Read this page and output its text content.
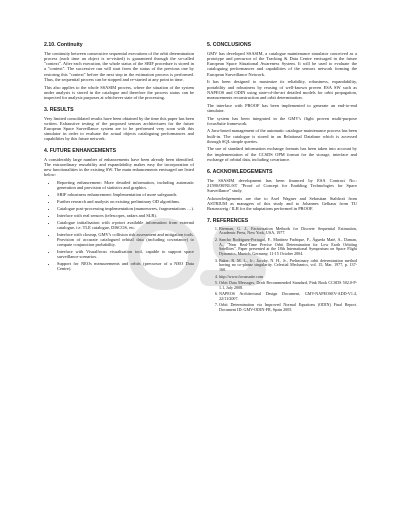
2.10. Continuity
The continuity between consecutive sequential executions of the orbit determination process (each time an object is re-visited) is guaranteed through the so-called "context". After each execution, the whole status of the SRIF procedure is stored in a "context". The successive run will start from the status of the previous one by restoring this "context" before the next step in the estimation process is performed. Thus, the sequential process can be stopped and re-started at any point in time.
This also applies to the whole SSASIM process, where the situation of the system under analysis is stored in the catalogue and therefore the process status can be inspected for analysis purposes at whichever state of the processing.
3. RESULTS
Very limited consolidated results have been obtained by the time this paper has been written. Exhaustive testing of the proposed sensors architectures for the future European Space Surveillance system are to be performed very soon with this simulator in order to evaluate the actual objects cataloguing performances and capabilities by this future network.
4. FUTURE ENHANCEMENTS
A considerably large number of enhancements have been already been identified. The extraordinary reusability and expandability makes easy the incorporation of new functionalities in the existing SW. The main enhancements envisaged are listed below:
• Reporting enhancement: More detailed information, including automatic generation and provision of statistics and graphics.
• SRIF robustness enhancement: Implementation of more safeguards.
• Further research and analysis on existing preliminary OD algorithms.
• Catalogue post-processing implementation (manoeuvres, fragmentations …).
• Interface with real sensors (telescopes, radars and SLR).
• Catalogue initialisation with a-priori available information from external catalogue, i.e. TLE catalogue, DISCOS, etc.
• Interface with closeap, GMV's collision risk assessment and mitigation tools. Provision of accurate catalogued orbital data (including covariance) to compute conjunction probability.
• Interface with Visualfocus visualisation tool, capable to support space surveillance scenarios.
• Support for NEOs measurements and orbits (precursor of a NEO Data Centre).
5. CONCLUSIONS
GMV has developed SSASIM, a catalogue maintenance simulator conceived as a prototype and precursor of the Tracking & Data Centre envisaged in the future European Space Situational Awareness System. It will be used to evaluate the cataloguing performances and capabilities of the sensors network forming the European Surveillance Network.
It has been designed to maximize its reliability, robustness, expandability, portability and robustness by reusing of well-known proven ESA SW such as NAPEOS and ODIN using state-of-the-art detailed models for orbit propagation, measurements reconstruction and orbit determination.
The interface with PROOF has been implemented to generate an end-to-end simulator.
The system has been integrated in the GMV's flight proven multi-purpose focusSuite framework.
A Java-based management of the automatic catalogue maintenance process has been built-in. The catalogue is stored in an Relational Database which is accessed through SQL simple queries.
The use of standard information exchange formats has been taken into account by the implementation of the CCSDS OPM format for the storage, interface and exchange of orbital data, including covariance.
6. ACKNOWLEDGEMENTS
The SSASIM development has been financed by ESA Contract No.: 21590/08/NL/ST "Proof of Concept for Enabling Technologies for Space Surveillance" study.
Acknowledgements are due to Axel Wagner and Sebastian Stahlrott from ASTRIUM as managers of this study and to Johannes Gelhaus from TU Braunsweig / ILR for the adaptations performed in PROOF.
7. REFERENCES
1. Bierman, G. J., Factorization Methods for Discrete Sequential Estimation, Academic Press, New York, USA, 1977.
2. Sancho Rodríguez-Portugal, F., Martínez Fadrique, F., Águeda Maté, A., Daman, A., "Near Real-Time Precise Orbit Determination for Low Earth Orbiting Satellites", Paper presented at the 18th International Symposium on Space Flight Dynamics, Munich, Germany, 11-15 October 2004.
3. Baker, R. M. L., Jr.; Jacoby, N. H., Jr., Preliminary orbit determination method having no co-planar singularity. Celestial Mechanics, vol. 15, Mar. 1977, p. 137-160.
4. http://www.focussuite.com
5. Orbit Data Messages, Draft Recommended Standard, Pink Book CCSDS 502.0-P-1.1, July 2008.
6. NAPEOS Architectural Design Document, GMV-NAPEOSEV-ADD-V1.4, 22/11/2007.
7. Orbit Determination via Improved Normal Equations (ODIN) Final Report. Document ID: GMV-ODIN-FR, Spain 2005.
